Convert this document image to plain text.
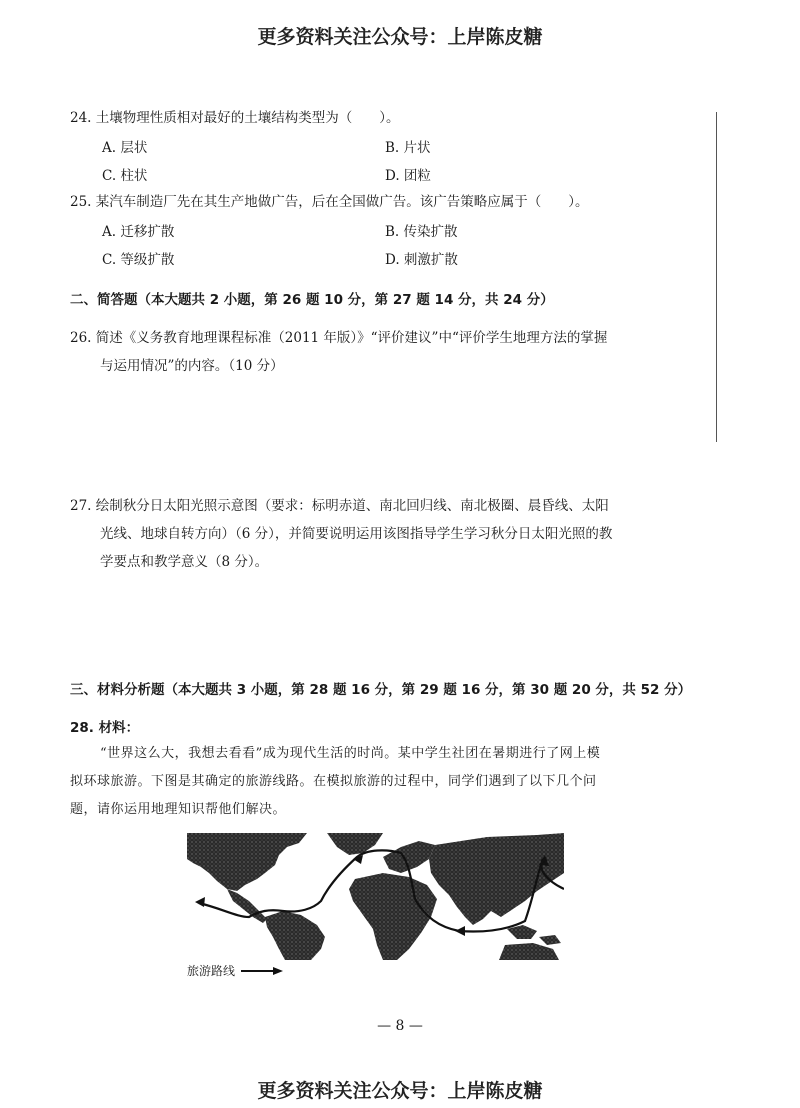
更多资料关注公众号：上岸陈皮糖
24. 土壤物理性质相对最好的土壤结构类型为（　　）。
A. 层状	B. 片状
C. 柱状	D. 团粒
25. 某汽车制造厂先在其生产地做广告，后在全国做广告。该广告策略应属于（　　）。
A. 迁移扩散	B. 传染扩散
C. 等级扩散	D. 刺激扩散
二、简答题（本大题共 2 小题，第 26 题 10 分，第 27 题 14 分，共 24 分）
26. 简述《义务教育地理课程标准（2011 年版）》“评价建议”中“评价学生地理方法的掌握
与运用情况”的内容。（10 分）
27. 绘制秋分日太阳光照示意图（要求：标明赤道、南北回归线、南北极圈、晨昏线、太阳
光线、地球自转方向）（6 分），并简要说明运用该图指导学生学习秋分日太阳光照的教
学要点和教学意义（8 分）。
三、材料分析题（本大题共 3 小题，第 28 题 16 分，第 29 题 16 分，第 30 题 20 分，共 52 分）
28. 材料：
“世界这么大，我想去看看”成为现代生活的时尚。某中学生社团在暑期进行了网上模
拟环球旅游。下图是其确定的旅游线路。在模拟旅游的过程中，同学们遇到了以下几个问
题，请你运用地理知识帮他们解决。
旅游路线
— 8 —
更多资料关注公众号：上岸陈皮糖
